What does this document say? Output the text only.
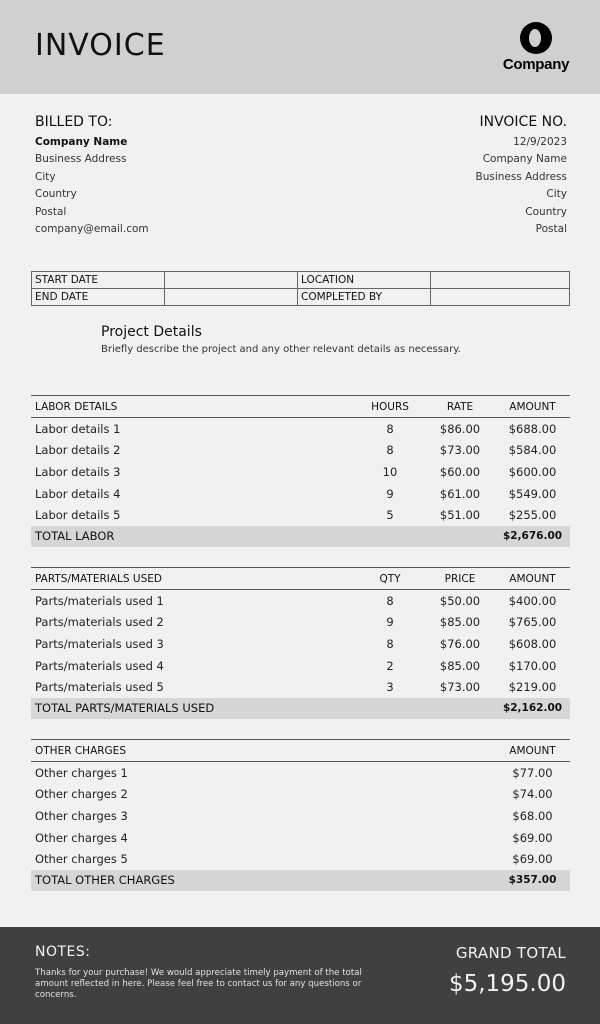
INVOICE
Company
BILLED TO:
Company Name
Business Address
City
Country
Postal
company@email.com
INVOICE NO.
12/9/2023
Company Name
Business Address
City
Country
Postal
START DATE		LOCATION	
END DATE		COMPLETED BY	
Project Details
Briefly describe the project and any other relevant details as necessary.
LABOR DETAILS	HOURS	RATE	AMOUNT
Labor details 1	8	$86.00	$688.00
Labor details 2	8	$73.00	$584.00
Labor details 3	10	$60.00	$600.00
Labor details 4	9	$61.00	$549.00
Labor details 5	5	$51.00	$255.00
TOTAL LABOR	$2,676.00
PARTS/MATERIALS USED	QTY	PRICE	AMOUNT
Parts/materials used 1	8	$50.00	$400.00
Parts/materials used 2	9	$85.00	$765.00
Parts/materials used 3	8	$76.00	$608.00
Parts/materials used 4	2	$85.00	$170.00
Parts/materials used 5	3	$73.00	$219.00
TOTAL PARTS/MATERIALS USED	$2,162.00
OTHER CHARGES	AMOUNT
Other charges 1	$77.00
Other charges 2	$74.00
Other charges 3	$68.00
Other charges 4	$69.00
Other charges 5	$69.00
TOTAL OTHER CHARGES	$357.00
NOTES:
Thanks for your purchase! We would appreciate timely payment of the total amount reflected in here. Please feel free to contact us for any questions or concerns.
GRAND TOTAL
$5,195.00
